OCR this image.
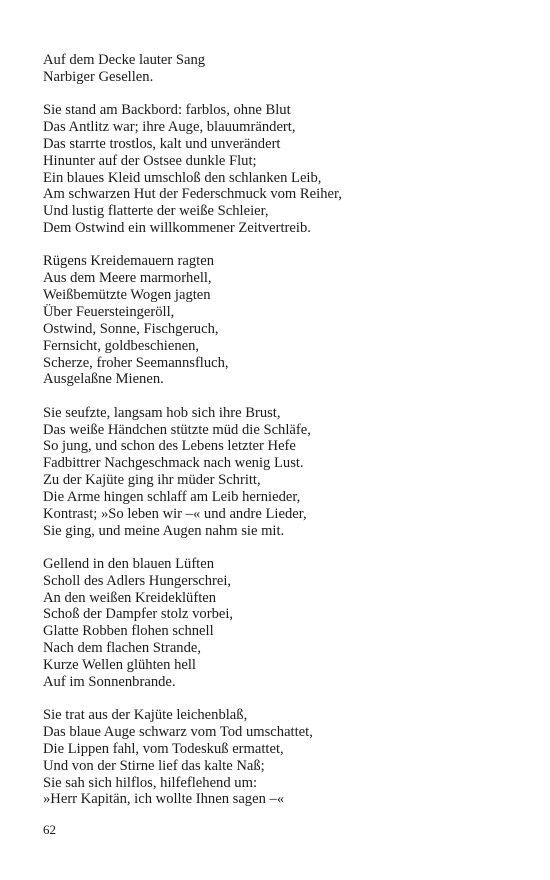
Auf dem Decke lauter Sang
Narbiger Gesellen.
Sie stand am Backbord: farblos, ohne Blut
Das Antlitz war; ihre Auge, blauumrändert,
Das starrte trostlos, kalt und unverändert
Hinunter auf der Ostsee dunkle Flut;
Ein blaues Kleid umschloß den schlanken Leib,
Am schwarzen Hut der Federschmuck vom Reiher,
Und lustig flatterte der weiße Schleier,
Dem Ostwind ein willkommener Zeitvertreib.
Rügens Kreidemauern ragten
Aus dem Meere marmorhell,
Weißbemützte Wogen jagten
Über Feuersteingeröll,
Ostwind, Sonne, Fischgeruch,
Fernsicht, goldbeschienen,
Scherze, froher Seemannsfluch,
Ausgelaßne Mienen.
Sie seufzte, langsam hob sich ihre Brust,
Das weiße Händchen stützte müd die Schläfe,
So jung, und schon des Lebens letzter Hefe
Fadbittrer Nachgeschmack nach wenig Lust.
Zu der Kajüte ging ihr müder Schritt,
Die Arme hingen schlaff am Leib hernieder,
Kontrast; »So leben wir –« und andre Lieder,
Sie ging, und meine Augen nahm sie mit.
Gellend in den blauen Lüften
Scholl des Adlers Hungerschrei,
An den weißen Kreideklüften
Schoß der Dampfer stolz vorbei,
Glatte Robben flohen schnell
Nach dem flachen Strande,
Kurze Wellen glühten hell
Auf im Sonnenbrande.
Sie trat aus der Kajüte leichenblaß,
Das blaue Auge schwarz vom Tod umschattet,
Die Lippen fahl, vom Todeskuß ermattet,
Und von der Stirne lief das kalte Naß;
Sie sah sich hilflos, hilfeflehend um:
»Herr Kapitän, ich wollte Ihnen sagen –«
62
